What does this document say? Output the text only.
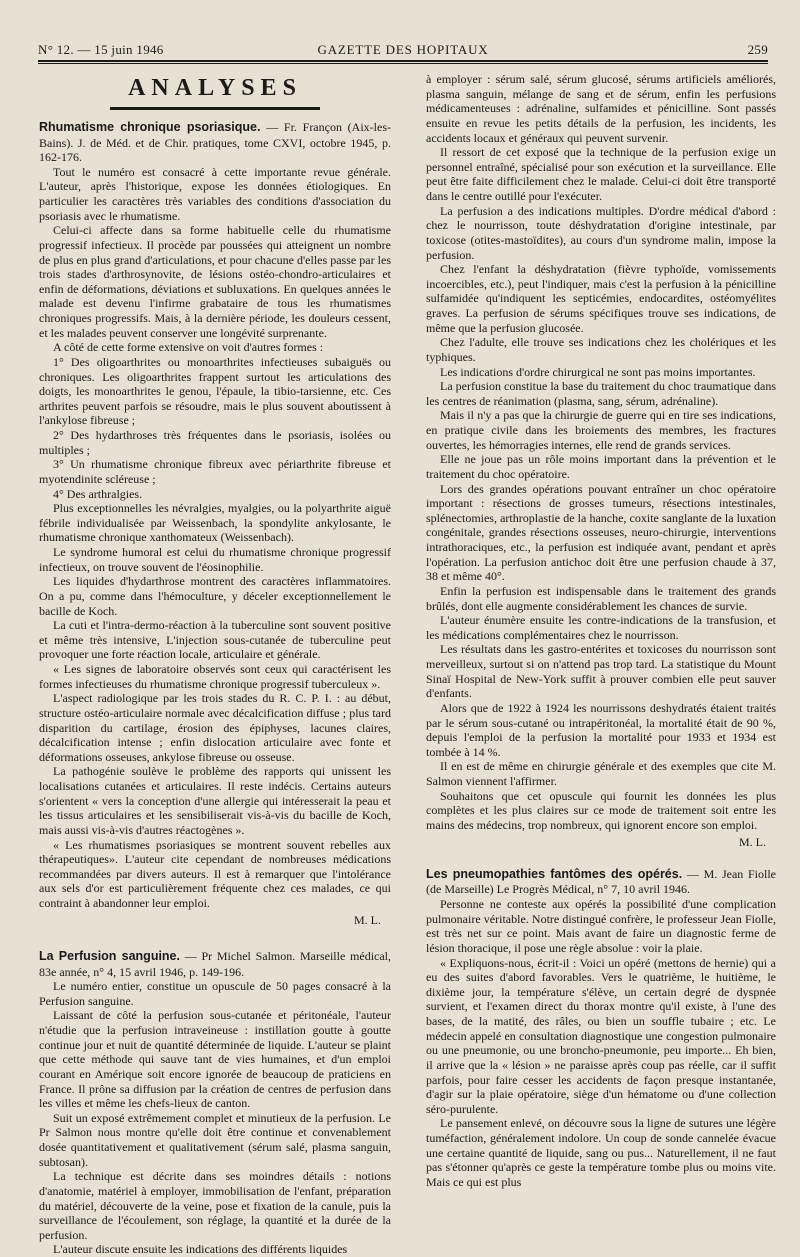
N° 12. — 15 juin 1946	GAZETTE DES HOPITAUX	259
ANALYSES

Rhumatisme chronique psoriasique. — Fr. Françon (Aix-les-Bains). J. de Méd. et de Chir. pratiques, tome CXVI, octobre 1945, p. 162-176.

Tout le numéro est consacré à cette importante revue générale. L'auteur, après l'historique, expose les données étiologiques. En particulier les caractères très variables des conditions d'association du psoriasis avec le rhumatisme.

Celui-ci affecte dans sa forme habituelle celle du rhumatisme progressif infectieux. Il procède par poussées qui atteignent un nombre de plus en plus grand d'articulations, et pour chacune d'elles passe par les trois stades d'arthrosynovite, de lésions ostéo-chondro-articulaires et enfin de déformations, déviations et subluxations. En quelques années le malade est devenu l'infirme grabataire de tous les rhumatismes chroniques progressifs. Mais, à la dernière période, les douleurs cessent, et les malades peuvent conserver une longévité surprenante.

A côté de cette forme extensive on voit d'autres formes :

1° Des oligoarthrites ou monoarthrites infectieuses subaiguës ou chroniques. Les oligoarthrites frappent surtout les articulations des doigts, les monoarthrites le genou, l'épaule, la tibio-tarsienne, etc. Ces arthrites peuvent parfois se résoudre, mais le plus souvent aboutissent à l'ankylose fibreuse ;

2° Des hydarthroses très fréquentes dans le psoriasis, isolées ou multiples ;

3° Un rhumatisme chronique fibreux avec périarthrite fibreuse et myotendinite scléreuse ;

4° Des arthralgies.

Plus exceptionnelles les névralgies, myalgies, ou la polyarthrite aiguë fébrile individualisée par Weissenbach, la spondylite ankylosante, le rhumatisme chronique xanthomateux (Weissenbach).

Le syndrome humoral est celui du rhumatisme chronique progressif infectieux, on trouve souvent de l'éosinophilie.

Les liquides d'hydarthrose montrent des caractères inflammatoires. On a pu, comme dans l'hémoculture, y déceler exceptionnellement le bacille de Koch.

La cuti et l'intra-dermo-réaction à la tuberculine sont souvent positive et même très intensive, L'injection sous-cutanée de tuberculine peut provoquer une forte réaction locale, articulaire et générale.

« Les signes de laboratoire observés sont ceux qui caractérisent les formes infectieuses du rhumatisme chronique progressif tuberculeux ».

L'aspect radiologique par les trois stades du R. C. P. I. : au début, structure ostéo-articulaire normale avec décalcification diffuse ; plus tard disparition du cartilage, érosion des épiphyses, lacunes claires, décalcification intense ; enfin dislocation articulaire avec fonte et déformations osseuses, ankylose fibreuse ou osseuse.

La pathogénie soulève le problème des rapports qui unissent les localisations cutanées et articulaires. Il reste indécis. Certains auteurs s'orientent « vers la conception d'une allergie qui intéresserait la peau et les tissus articulaires et les sensibiliserait vis-à-vis du bacille de Koch, mais aussi vis-à-vis d'autres réactogènes ».

« Les rhumatismes psoriasiques se montrent souvent rebelles aux thérapeutiques». L'auteur cite cependant de nombreuses médications recommandées par divers auteurs. Il est à remarquer que l'intolérance aux sels d'or est particulièrement fréquente chez ces malades, ce qui contraint à abandonner leur emploi.

M. L.

La Perfusion sanguine. — Pr Michel Salmon. Marseille médical, 83e année, n° 4, 15 avril 1946, p. 149-196.

Le numéro entier, constitue un opuscule de 50 pages consacré à la Perfusion sanguine.

Laissant de côté la perfusion sous-cutanée et péritonéale, l'auteur n'étudie que la perfusion intraveineuse : instillation goutte à goutte continue jour et nuit de quantité déterminée de liquide. L'auteur se plaint que cette méthode qui sauve tant de vies humaines, et d'un emploi courant en Amérique soit encore ignorée de beaucoup de praticiens en France. Il prône sa diffusion par la création de centres de perfusion dans les villes et même les chefs-lieux de canton.

Suit un exposé extrêmement complet et minutieux de la perfusion. Le Pr Salmon nous montre qu'elle doit être continue et convenablement dosée quantitativement et qualitativement (sérum salé, plasma sanguin, subtosan).

La technique est décrite dans ses moindres détails : notions d'anatomie, matériel à employer, immobilisation de l'enfant, préparation du matériel, découverte de la veine, pose et fixation de la canule, puis la surveillance de l'écoulement, son réglage, la quantité et la durée de la perfusion.

L'auteur discute ensuite les indications des différents liquides

à employer : sérum salé, sérum glucosé, sérums artificiels améliorés, plasma sanguin, mélange de sang et de sérum, enfin les perfusions médicamenteuses : adrénaline, sulfamides et pénicilline. Sont passés ensuite en revue les petits détails de la perfusion, les incidents, les accidents locaux et généraux qui peuvent survenir.

Il ressort de cet exposé que la technique de la perfusion exige un personnel entraîné, spécialisé pour son exécution et la surveillance. Elle peut être faite difficilement chez le malade. Celui-ci doit être transporté dans le centre outillé pour l'exécuter.

La perfusion a des indications multiples. D'ordre médical d'abord : chez le nourrisson, toute déshydratation d'origine intestinale, par toxicose (otites-mastoïdites), au cours d'un syndrome malin, impose la perfusion.

Chez l'enfant la déshydratation (fièvre typhoïde, vomissements incoercibles, etc.), peut l'indiquer, mais c'est la perfusion à la pénicilline sulfamidée qu'indiquent les septicémies, endocardites, ostéomyélites graves. La perfusion de sérums spécifiques trouve ses indications, de même que la perfusion glucosée.

Chez l'adulte, elle trouve ses indications chez les cholériques et les typhiques.

Les indications d'ordre chirurgical ne sont pas moins importantes.

La perfusion constitue la base du traitement du choc traumatique dans les centres de réanimation (plasma, sang, sérum, adrénaline).

Mais il n'y a pas que la chirurgie de guerre qui en tire ses indications, en pratique civile dans les broiements des membres, les fractures ouvertes, les hémorragies internes, elle rend de grands services.

Elle ne joue pas un rôle moins important dans la prévention et le traitement du choc opératoire.

Lors des grandes opérations pouvant entraîner un choc opératoire important : résections de grosses tumeurs, résections intestinales, splénectomies, arthroplastie de la hanche, coxite sanglante de la luxation congénitale, grandes résections osseuses, neuro-chirurgie, interventions intrathoraciques, etc., la perfusion est indiquée avant, pendant et après l'opération. La perfusion antichoc doit être une perfusion chaude à 37, 38 et même 40°.

Enfin la perfusion est indispensable dans le traitement des grands brûlés, dont elle augmente considérablement les chances de survie.

L'auteur énumère ensuite les contre-indications de la transfusion, et les médications complémentaires chez le nourrisson.

Les résultats dans les gastro-entérites et toxicoses du nourrisson sont merveilleux, surtout si on n'attend pas trop tard. La statistique du Mount Sinaï Hospital de New-York suffit à prouver combien elle peut sauver d'enfants.

Alors que de 1922 à 1924 les nourrissons deshydratés étaient traités par le sérum sous-cutané ou intrapéritonéal, la mortalité était de 90 %, depuis l'emploi de la perfusion la mortalité pour 1933 et 1934 est tombée à 14 %.

Il en est de même en chirurgie générale et des exemples que cite M. Salmon viennent l'affirmer.

Souhaitons que cet opuscule qui fournit les données les plus complètes et les plus claires sur ce mode de traitement soit entre les mains des médecins, trop nombreux, qui ignorent encore son emploi.

M. L.

Les pneumopathies fantômes des opérés. — M. Jean Fiolle (de Marseille) Le Progrès Médical, n° 7, 10 avril 1946.

Personne ne conteste aux opérés la possibilité d'une complication pulmonaire véritable. Notre distingué confrère, le professeur Jean Fiolle, est très net sur ce point. Mais avant de faire un diagnostic ferme de lésion thoracique, il pose une règle absolue : voir la plaie.

« Expliquons-nous, écrit-il : Voici un opéré (mettons de hernie) qui a eu des suites d'abord favorables. Vers le quatrième, le huitième, le dixième jour, la température s'élève, un certain degré de dyspnée survient, et l'examen direct du thorax montre qu'il existe, à l'une des bases, de la matité, des râles, ou bien un souffle tubaire ; etc. Le médecin appelé en consultation diagnostique une congestion pulmonaire ou une pneumonie, ou une broncho-pneumonie, peu importe... Eh bien, il arrive que la « lésion » ne paraisse après coup pas réelle, car il suffit parfois, pour faire cesser les accidents de façon presque instantanée, d'agir sur la plaie opératoire, siège d'un hématome ou d'une collection séro-purulente.

Le pansement enlevé, on découvre sous la ligne de sutures une légère tuméfaction, généralement indolore. Un coup de sonde cannelée évacue une certaine quantité de liquide, sang ou pus... Naturellement, il ne faut pas s'étonner qu'après ce geste la température tombe plus ou moins vite. Mais ce qui est plus
